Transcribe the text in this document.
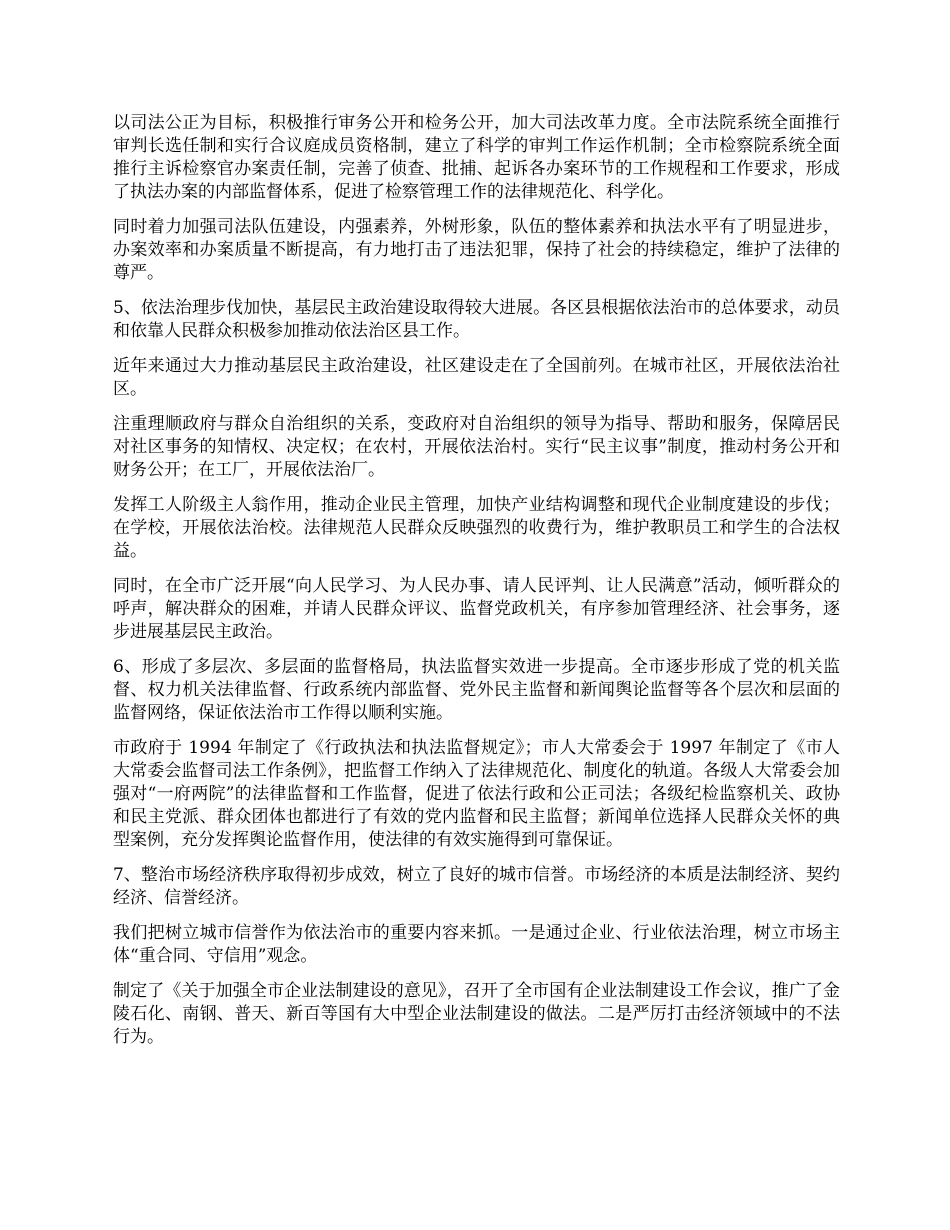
以司法公正为目标，积极推行审务公开和检务公开，加大司法改革力度。全市法院系统全面推行审判长选任制和实行合议庭成员资格制，建立了科学的审判工作运作机制；全市检察院系统全面推行主诉检察官办案责任制，完善了侦查、批捕、起诉各办案环节的工作规程和工作要求，形成了执法办案的内部监督体系，促进了检察管理工作的法律规范化、科学化。

同时着力加强司法队伍建设，内强素养，外树形象，队伍的整体素养和执法水平有了明显进步，办案效率和办案质量不断提高，有力地打击了违法犯罪，保持了社会的持续稳定，维护了法律的尊严。

5、依法治理步伐加快，基层民主政治建设取得较大进展。各区县根据依法治市的总体要求，动员和依靠人民群众积极参加推动依法治区县工作。

近年来通过大力推动基层民主政治建设，社区建设走在了全国前列。在城市社区，开展依法治社区。

注重理顺政府与群众自治组织的关系，变政府对自治组织的领导为指导、帮助和服务，保障居民对社区事务的知情权、决定权；在农村，开展依法治村。实行“民主议事”制度，推动村务公开和财务公开；在工厂，开展依法治厂。

发挥工人阶级主人翁作用，推动企业民主管理，加快产业结构调整和现代企业制度建设的步伐；在学校，开展依法治校。法律规范人民群众反映强烈的收费行为，维护教职员工和学生的合法权益。

同时，在全市广泛开展“向人民学习、为人民办事、请人民评判、让人民满意”活动，倾听群众的呼声，解决群众的困难，并请人民群众评议、监督党政机关，有序参加管理经济、社会事务，逐步进展基层民主政治。

6、形成了多层次、多层面的监督格局，执法监督实效进一步提高。全市逐步形成了党的机关监督、权力机关法律监督、行政系统内部监督、党外民主监督和新闻舆论监督等各个层次和层面的监督网络，保证依法治市工作得以顺利实施。

市政府于 1994 年制定了《行政执法和执法监督规定》；市人大常委会于 1997 年制定了《市人大常委会监督司法工作条例》，把监督工作纳入了法律规范化、制度化的轨道。各级人大常委会加强对“一府两院”的法律监督和工作监督，促进了依法行政和公正司法；各级纪检监察机关、政协和民主党派、群众团体也都进行了有效的党内监督和民主监督；新闻单位选择人民群众关怀的典型案例，充分发挥舆论监督作用，使法律的有效实施得到可靠保证。

7、整治市场经济秩序取得初步成效，树立了良好的城市信誉。市场经济的本质是法制经济、契约经济、信誉经济。

我们把树立城市信誉作为依法治市的重要内容来抓。一是通过企业、行业依法治理，树立市场主体“重合同、守信用”观念。

制定了《关于加强全市企业法制建设的意见》，召开了全市国有企业法制建设工作会议，推广了金陵石化、南钢、普天、新百等国有大中型企业法制建设的做法。二是严厉打击经济领域中的不法行为。
